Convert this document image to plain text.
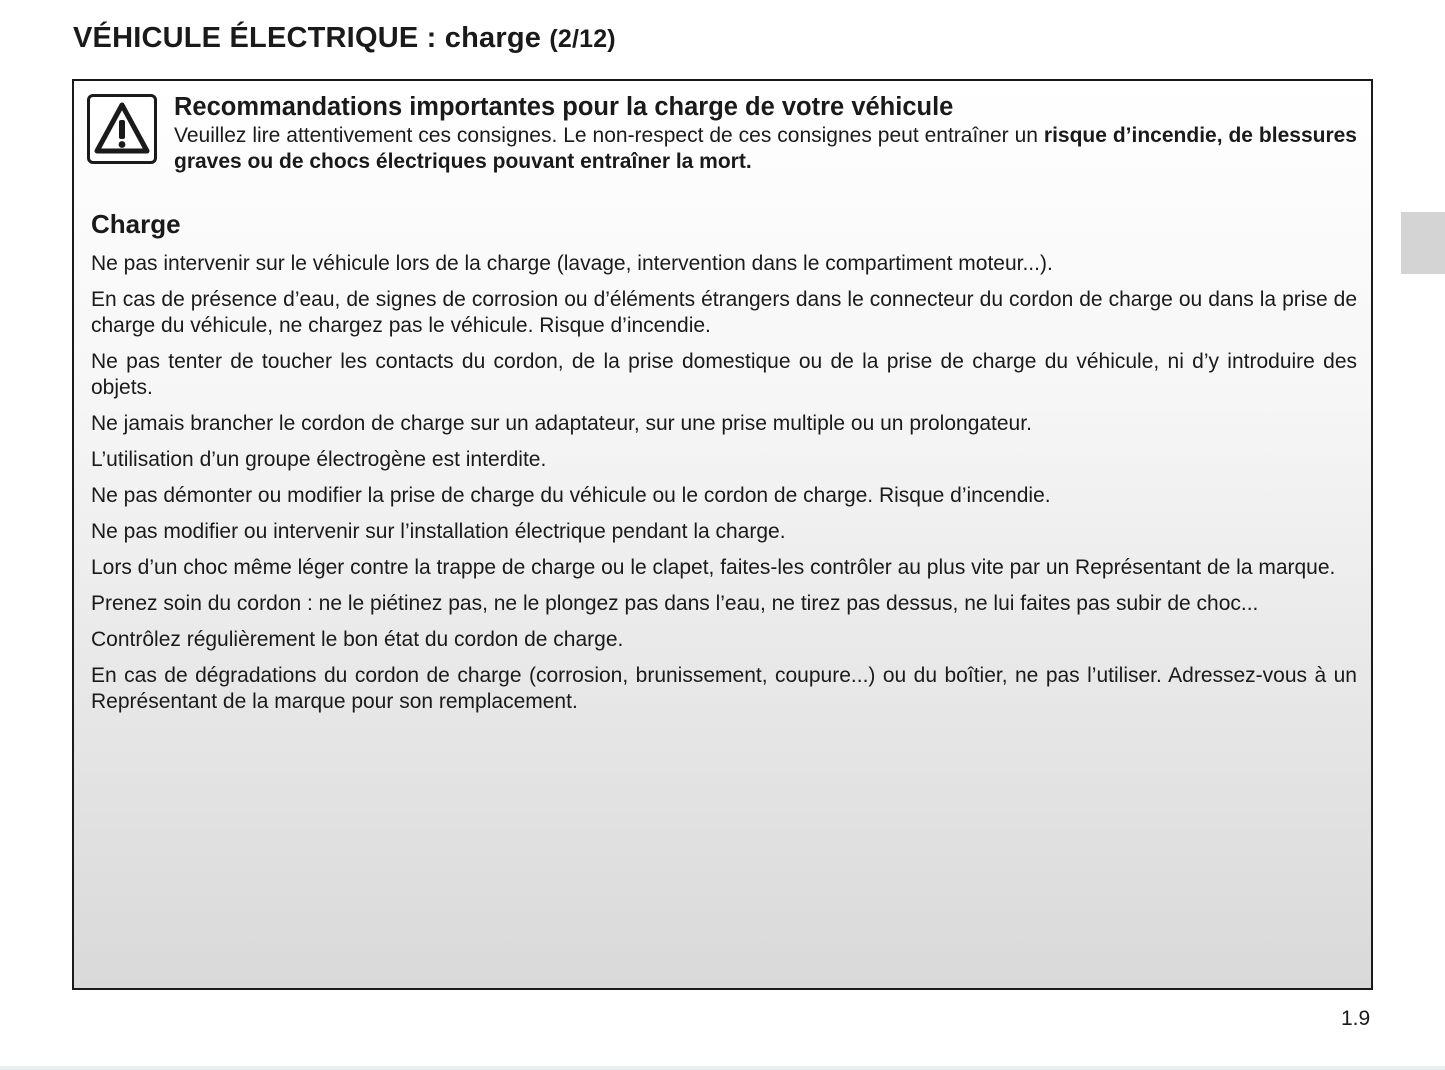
VÉHICULE ÉLECTRIQUE : charge (2/12)
Recommandations importantes pour la charge de votre véhicule

Veuillez lire attentivement ces consignes. Le non-respect de ces consignes peut entraîner un risque d’incendie, de blessures graves ou de chocs électriques pouvant entraîner la mort.

Charge
Ne pas intervenir sur le véhicule lors de la charge (lavage, intervention dans le compartiment moteur...).
En cas de présence d’eau, de signes de corrosion ou d’éléments étrangers dans le connecteur du cordon de charge ou dans la prise de charge du véhicule, ne chargez pas le véhicule. Risque d’incendie.
Ne pas tenter de toucher les contacts du cordon, de la prise domestique ou de la prise de charge du véhicule, ni d’y introduire des objets.
Ne jamais brancher le cordon de charge sur un adaptateur, sur une prise multiple ou un prolongateur.
L’utilisation d’un groupe électrogène est interdite.
Ne pas démonter ou modifier la prise de charge du véhicule ou le cordon de charge. Risque d’incendie.
Ne pas modifier ou intervenir sur l’installation électrique pendant la charge.
Lors d’un choc même léger contre la trappe de charge ou le clapet, faites-les contrôler au plus vite par un Représentant de la marque.
Prenez soin du cordon : ne le piétinez pas, ne le plongez pas dans l’eau, ne tirez pas dessus, ne lui faites pas subir de choc...
Contrôlez régulièrement le bon état du cordon de charge.
En cas de dégradations du cordon de charge (corrosion, brunissement, coupure...) ou du boîtier, ne pas l’utiliser. Adressez-vous à un Représentant de la marque pour son remplacement.
1.9
